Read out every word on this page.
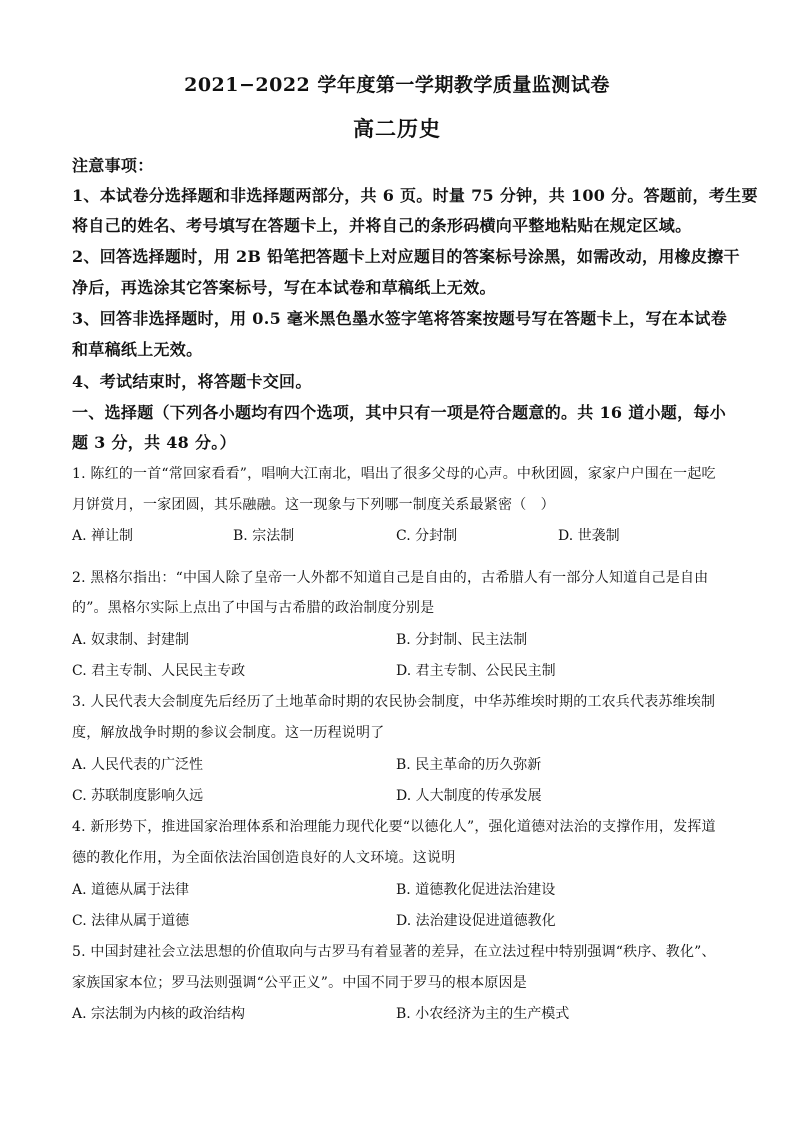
2021−2022 学年度第一学期教学质量监测试卷
高二历史
注意事项：
1、本试卷分选择题和非选择题两部分，共 6 页。时量 75 分钟，共 100 分。答题前，考生要
将自己的姓名、考号填写在答题卡上，并将自己的条形码横向平整地粘贴在规定区域。
2、回答选择题时，用 2B 铅笔把答题卡上对应题目的答案标号涂黑，如需改动，用橡皮擦干
净后，再选涂其它答案标号，写在本试卷和草稿纸上无效。
3、回答非选择题时，用 0.5 毫米黑色墨水签字笔将答案按题号写在答题卡上，写在本试卷
和草稿纸上无效。
4、考试结束时，将答题卡交回。
一、选择题（下列各小题均有四个选项，其中只有一项是符合题意的。共 16 道小题，每小
题 3 分，共 48 分。）
1. 陈红的一首“常回家看看”，唱响大江南北，唱出了很多父母的心声。中秋团圆，家家户户围在一起吃
月饼赏月，一家团圆，其乐融融。这一现象与下列哪一制度关系最紧密（　）
A. 禅让制	B. 宗法制	C. 分封制	D. 世袭制
2. 黑格尔指出：“中国人除了皇帝一人外都不知道自己是自由的，古希腊人有一部分人知道自己是自由
的”。黑格尔实际上点出了中国与古希腊的政治制度分别是
A. 奴隶制、封建制	B. 分封制、民主法制
C. 君主专制、人民民主专政	D. 君主专制、公民民主制
3. 人民代表大会制度先后经历了土地革命时期的农民协会制度，中华苏维埃时期的工农兵代表苏维埃制
度，解放战争时期的参议会制度。这一历程说明了
A. 人民代表的广泛性	B. 民主革命的历久弥新
C. 苏联制度影响久远	D. 人大制度的传承发展
4. 新形势下，推进国家治理体系和治理能力现代化要“以德化人”，强化道德对法治的支撑作用，发挥道
德的教化作用，为全面依法治国创造良好的人文环境。这说明
A. 道德从属于法律	B. 道德教化促进法治建设
C. 法律从属于道德	D. 法治建设促进道德教化
5. 中国封建社会立法思想的价值取向与古罗马有着显著的差异，在立法过程中特别强调“秩序、教化”、
家族国家本位；罗马法则强调“公平正义”。中国不同于罗马的根本原因是
A. 宗法制为内核的政治结构	B. 小农经济为主的生产模式
